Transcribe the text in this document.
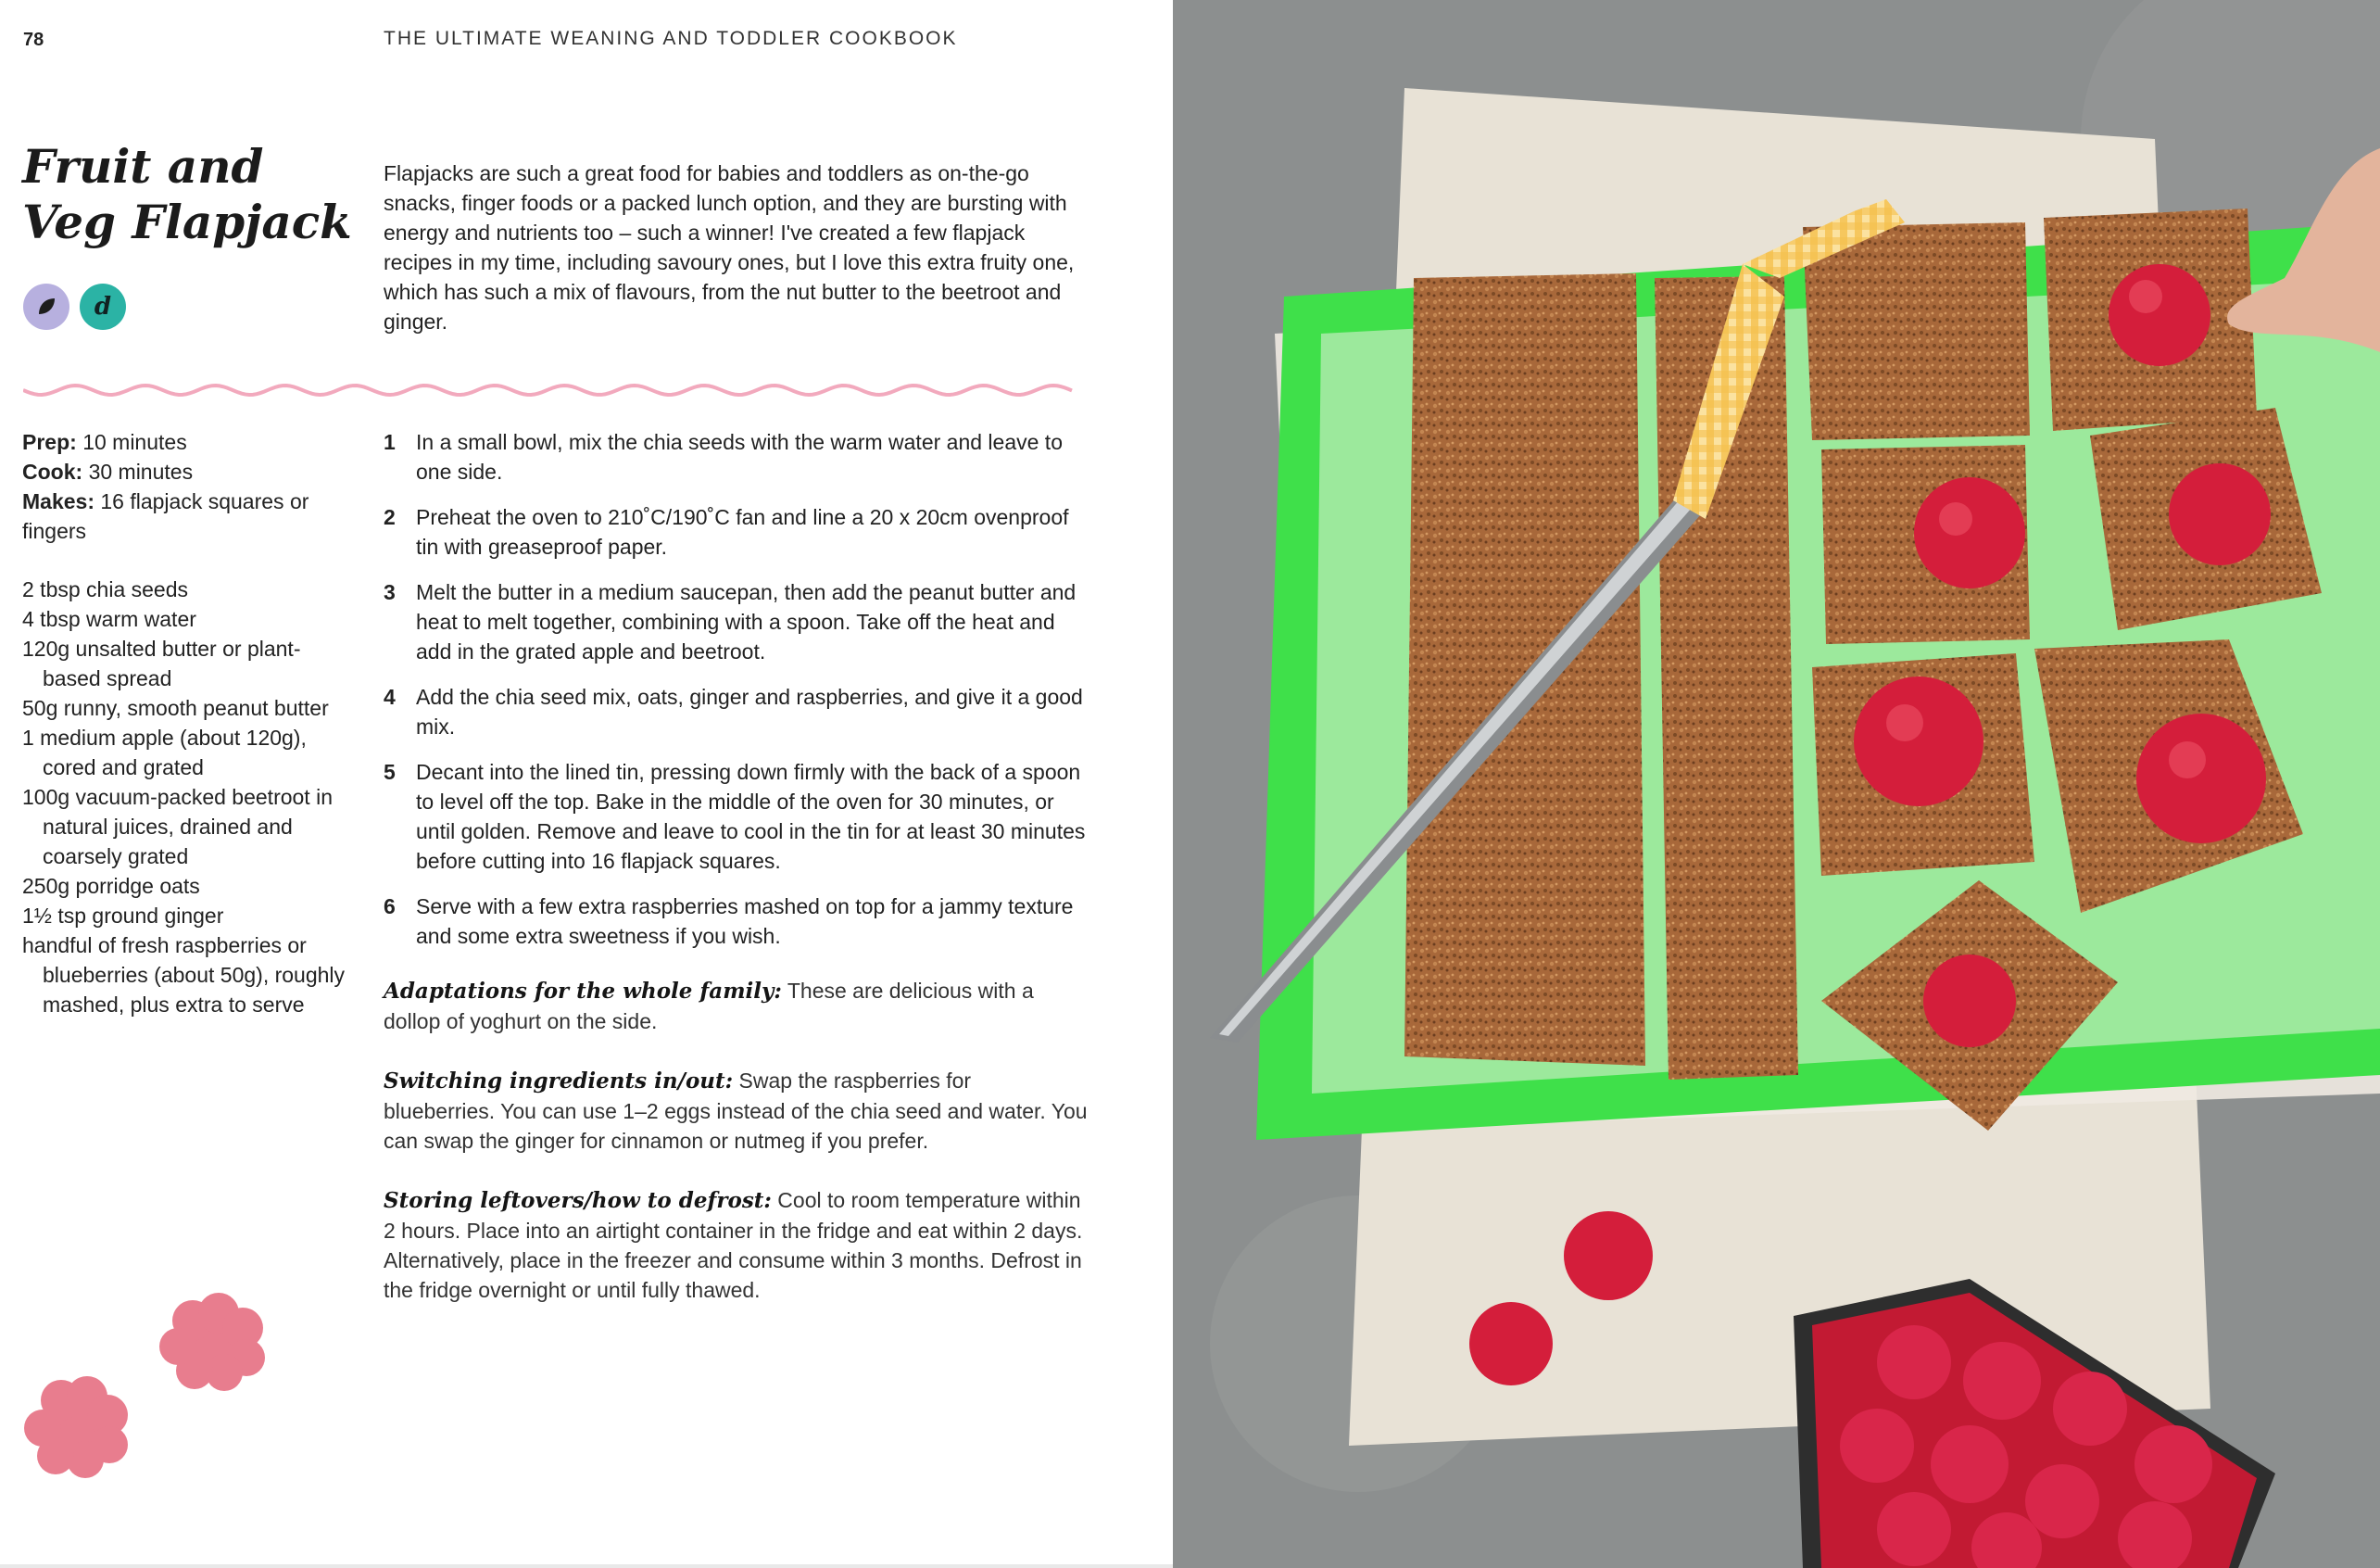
78	THE ULTIMATE WEANING AND TODDLER COOKBOOK
Fruit and Veg Flapjack
d

Flapjacks are such a great food for babies and toddlers as on-the-go snacks, finger foods or a packed lunch option, and they are bursting with energy and nutrients too – such a winner! I've created a few flapjack recipes in my time, including savoury ones, but I love this extra fruity one, which has such a mix of flavours, from the nut butter to the beetroot and ginger.

Prep: 10 minutes

Cook: 30 minutes

Makes: 16 flapjack squares or fingers

2 tbsp chia seeds
4 tbsp warm water
120g unsalted butter or plant-based spread
50g runny, smooth peanut butter
1 medium apple (about 120g), cored and grated
100g vacuum-packed beetroot in natural juices, drained and coarsely grated
250g porridge oats
1½ tsp ground ginger
handful of fresh raspberries or blueberries (about 50g), roughly mashed, plus extra to serve
1 In a small bowl, mix the chia seeds with the warm water and leave to one side.
2 Preheat the oven to 210˚C/190˚C fan and line a 20 x 20cm ovenproof tin with greaseproof paper.
3 Melt the butter in a medium saucepan, then add the peanut butter and heat to melt together, combining with a spoon. Take off the heat and add in the grated apple and beetroot.
4 Add the chia seed mix, oats, ginger and raspberries, and give it a good mix.
5 Decant into the lined tin, pressing down firmly with the back of a spoon to level off the top. Bake in the middle of the oven for 30 minutes, or until golden. Remove and leave to cool in the tin for at least 30 minutes before cutting into 16 flapjack squares.
6 Serve with a few extra raspberries mashed on top for a jammy texture and some extra sweetness if you wish.

Adaptations for the whole family: These are delicious with a dollop of yoghurt on the side.

Switching ingredients in/out: Swap the raspberries for blueberries. You can use 1–2 eggs instead of the chia seed and water. You can swap the ginger for cinnamon or nutmeg if you prefer.

Storing leftovers/how to defrost: Cool to room temperature within 2 hours. Place into an airtight container in the fridge and eat within 2 days. Alternatively, place in the freezer and consume within 3 months. Defrost in the fridge overnight or until fully thawed.
